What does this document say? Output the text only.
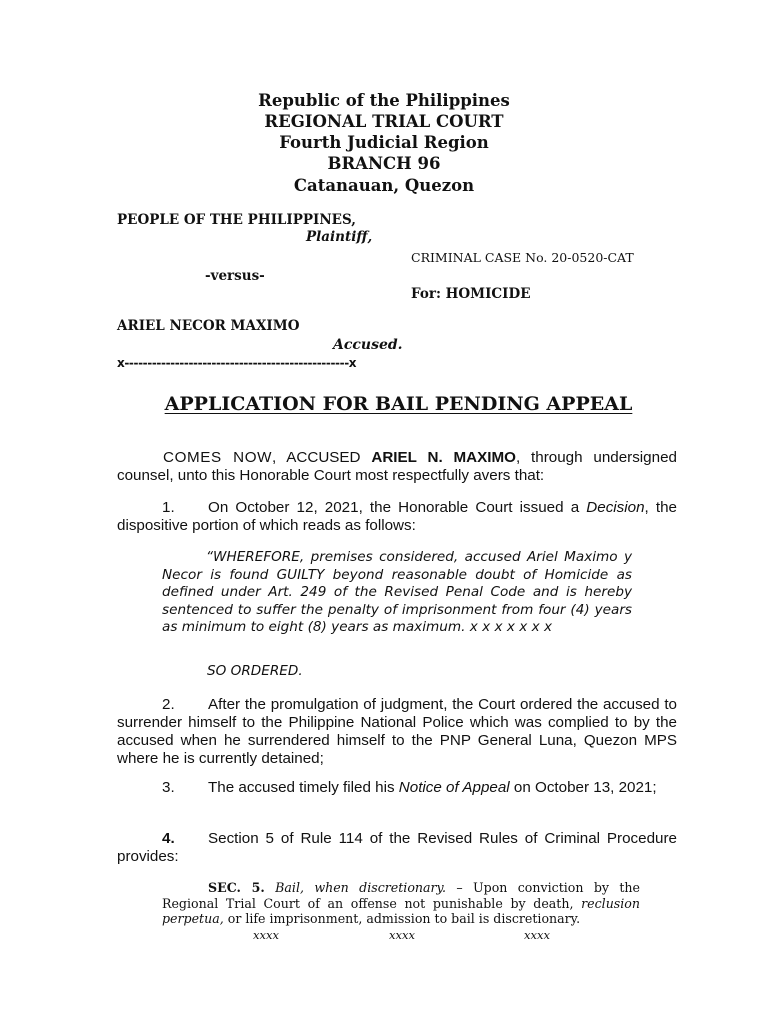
Republic of the Philippines
REGIONAL TRIAL COURT
Fourth Judicial Region
BRANCH 96
Catanauan, Quezon
PEOPLE OF THE PHILIPPINES,
Plaintiff,
CRIMINAL CASE No. 20-0520-CAT
-versus-
For: HOMICIDE
ARIEL NECOR MAXIMO
Accused.
x-------------------------------------------------x
APPLICATION FOR BAIL PENDING APPEAL
COMES NOW, ACCUSED ARIEL N. MAXIMO, through undersigned counsel, unto this Honorable Court most respectfully avers that:
1. On October 12, 2021, the Honorable Court issued a Decision, the dispositive portion of which reads as follows:
“WHEREFORE, premises considered, accused Ariel Maximo y Necor is found GUILTY beyond reasonable doubt of Homicide as defined under Art. 249 of the Revised Penal Code and is hereby sentenced to suffer the penalty of imprisonment from four (4) years as minimum to eight (8) years as maximum. x x x x x x x
SO ORDERED.
2. After the promulgation of judgment, the Court ordered the accused to surrender himself to the Philippine National Police which was complied to by the accused when he surrendered himself to the PNP General Luna, Quezon MPS where he is currently detained;
3. The accused timely filed his Notice of Appeal on October 13, 2021;
4. Section 5 of Rule 114 of the Revised Rules of Criminal Procedure provides:
SEC. 5. Bail, when discretionary. – Upon conviction by the Regional Trial Court of an offense not punishable by death, reclusion perpetua, or life imprisonment, admission to bail is discretionary.
xxxx	xxxx	xxxx
